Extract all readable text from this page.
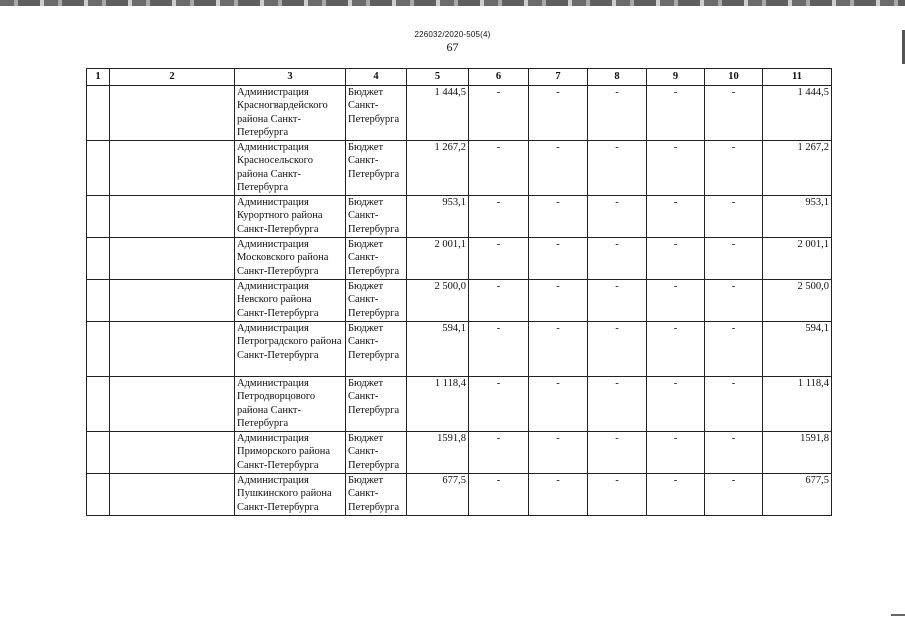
226032/2020-505(4)
67
1	2	3	4	5	6	7	8	9	10	11
		Администрация Красногвардейского района Санкт-Петербурга	Бюджет Санкт-Петербурга	1 444,5	-	-	-	-	-	1 444,5
		Администрация Красносельского района Санкт-Петербурга	Бюджет Санкт-Петербурга	1 267,2	-	-	-	-	-	1 267,2
		Администрация Курортного района Санкт-Петербурга	Бюджет Санкт-Петербурга	953,1	-	-	-	-	-	953,1
		Администрация Московского района Санкт-Петербурга	Бюджет Санкт-Петербурга	2 001,1	-	-	-	-	-	2 001,1
		Администрация Невского района Санкт-Петербурга	Бюджет Санкт-Петербурга	2 500,0	-	-	-	-	-	2 500,0
		Администрация Петроградского района Санкт-Петербурга	Бюджет Санкт-Петербурга	594,1	-	-	-	-	-	594,1
		Администрация Петродворцового района Санкт-Петербурга	Бюджет Санкт-Петербурга	1 118,4	-	-	-	-	-	1 118,4
		Администрация Приморского района Санкт-Петербурга	Бюджет Санкт-Петербурга	1591,8	-	-	-	-	-	1591,8
		Администрация Пушкинского района Санкт-Петербурга	Бюджет Санкт-Петербурга	677,5	-	-	-	-	-	677,5
